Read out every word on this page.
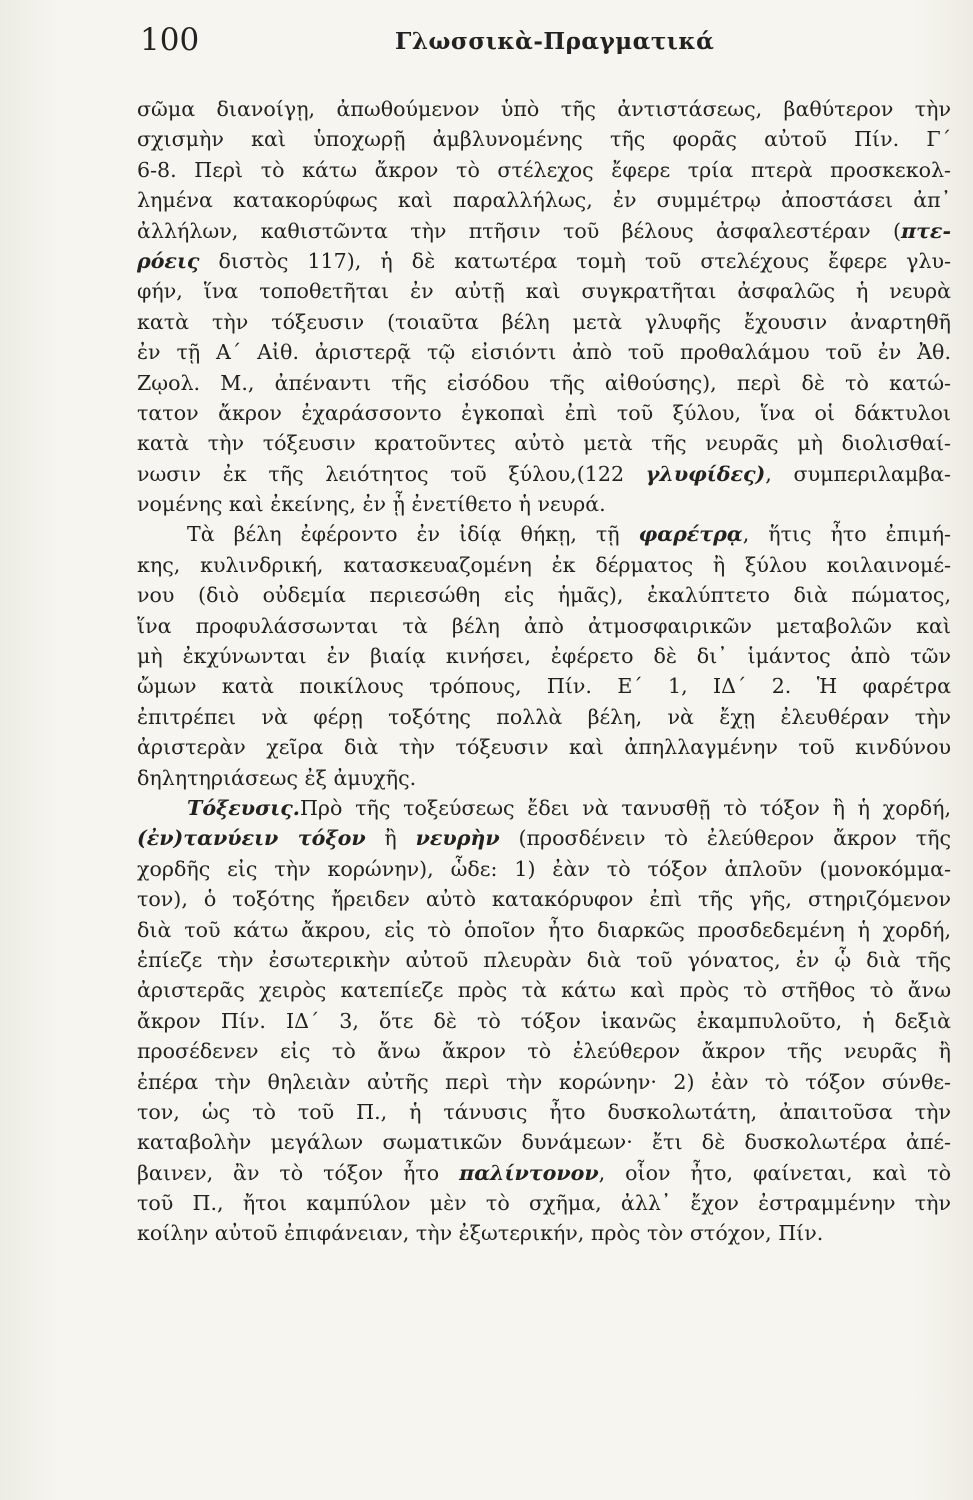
100	Γλωσσικὰ-Πραγματικά
σῶμα διανοίγῃ, ἀπωθούμενον ὑπὸ τῆς ἀντιστάσεως, βαθύτερον τὴν
σχισμὴν καὶ ὑποχωρῇ ἀμβλυνομένης τῆς φορᾶς αὐτοῦ Πίν. Γ´
6-8. Περὶ τὸ κάτω ἄκρον τὸ στέλεχος ἔφερε τρία πτερὰ προσκεκολ-
λημένα κατακορύφως καὶ παραλλήλως, ἐν συμμέτρῳ ἀποστάσει ἀπ᾿
ἀλλήλων, καθιστῶντα τὴν πτῆσιν τοῦ βέλους ἀσφαλεστέραν (πτε-
ρόεις διστὸς 117), ἡ δὲ κατωτέρα τομὴ τοῦ στελέχους ἔφερε γλυ-
φήν, ἵνα τοποθετῆται ἐν αὐτῇ καὶ συγκρατῆται ἀσφαλῶς ἡ νευρὰ
κατὰ τὴν τόξευσιν (τοιαῦτα βέλη μετὰ γλυφῆς ἔχουσιν ἀναρτηθῆ
ἐν τῇ Α´ Αἰθ. ἀριστερᾷ τῷ εἰσιόντι ἀπὸ τοῦ προθαλάμου τοῦ ἐν Ἀθ.
Ζῳολ. Μ., ἀπέναντι τῆς εἰσόδου τῆς αἰθούσης), περὶ δὲ τὸ κατώ-
τατον ἄκρον ἐχαράσσοντο ἐγκοπαὶ ἐπὶ τοῦ ξύλου, ἵνα οἱ δάκτυλοι
κατὰ τὴν τόξευσιν κρατοῦντες αὐτὸ μετὰ τῆς νευρᾶς μὴ διολισθαί-
νωσιν ἐκ τῆς λειότητος τοῦ ξύλου,(122 γλυφίδες), συμπεριλαμβα-
νομένης καὶ ἐκείνης, ἐν ᾗ ἐνετίθετο ἡ νευρά.
Τὰ βέλη ἐφέροντο ἐν ἰδίᾳ θήκῃ, τῇ φαρέτρᾳ, ἥτις ἦτο ἐπιμή-
κης, κυλινδρική, κατασκευαζομένη ἐκ δέρματος ἢ ξύλου κοιλαινομέ-
νου (διὸ οὐδεμία περιεσώθη εἰς ἡμᾶς), ἐκαλύπτετο διὰ πώματος,
ἵνα προφυλάσσωνται τὰ βέλη ἀπὸ ἀτμοσφαιρικῶν μεταβολῶν καὶ
μὴ ἐκχύνωνται ἐν βιαίᾳ κινήσει, ἐφέρετο δὲ δι᾿ ἱμάντος ἀπὸ τῶν
ὤμων κατὰ ποικίλους τρόπους, Πίν. Ε´ 1, ΙΔ´ 2. Ἡ φαρέτρα
ἐπιτρέπει νὰ φέρῃ τοξότης πολλὰ βέλη, νὰ ἔχῃ ἐλευθέραν τὴν
ἀριστερὰν χεῖρα διὰ τὴν τόξευσιν καὶ ἀπηλλαγμένην τοῦ κινδύνου
δηλητηριάσεως ἐξ ἀμυχῆς.
Τόξευσις.Πρὸ τῆς τοξεύσεως ἔδει νὰ τανυσθῇ τὸ τόξον ἢ ἡ χορδή,
(ἐν)τανύειν τόξον ἢ νευρὴν (προσδένειν τὸ ἐλεύθερον ἄκρον τῆς
χορδῆς εἰς τὴν κορώνην), ὧδε: 1) ἐὰν τὸ τόξον ἁπλοῦν (μονοκόμμα-
τον), ὁ τοξότης ἤρειδεν αὐτὸ κατακόρυφον ἐπὶ τῆς γῆς, στηριζόμενον
διὰ τοῦ κάτω ἄκρου, εἰς τὸ ὁποῖον ἦτο διαρκῶς προσδεδεμένη ἡ χορδή,
ἐπίεζε τὴν ἐσωτερικὴν αὐτοῦ πλευρὰν διὰ τοῦ γόνατος, ἐν ᾧ διὰ τῆς
ἀριστερᾶς χειρὸς κατεπίεζε πρὸς τὰ κάτω καὶ πρὸς τὸ στῆθος τὸ ἄνω
ἄκρον Πίν. ΙΔ´ 3, ὅτε δὲ τὸ τόξον ἱκανῶς ἐκαμπυλοῦτο, ἡ δεξιὰ
προσέδενεν εἰς τὸ ἄνω ἄκρον τὸ ἐλεύθερον ἄκρον τῆς νευρᾶς ἢ
ἐπέρα τὴν θηλειὰν αὐτῆς περὶ τὴν κορώνην· 2) ἐὰν τὸ τόξον σύνθε-
τον, ὡς τὸ τοῦ Π., ἡ τάνυσις ἦτο δυσκολωτάτη, ἀπαιτοῦσα τὴν
καταβολὴν μεγάλων σωματικῶν δυνάμεων· ἔτι δὲ δυσκολωτέρα ἀπέ-
βαινεν, ἂν τὸ τόξον ἦτο παλίντονον, οἷον ἦτο, φαίνεται, καὶ τὸ
τοῦ Π., ἤτοι καμπύλον μὲν τὸ σχῆμα, ἀλλ᾿ ἔχον ἐστραμμένην τὴν
κοίλην αὐτοῦ ἐπιφάνειαν, τὴν ἐξωτερικήν, πρὸς τὸν στόχον, Πίν.
